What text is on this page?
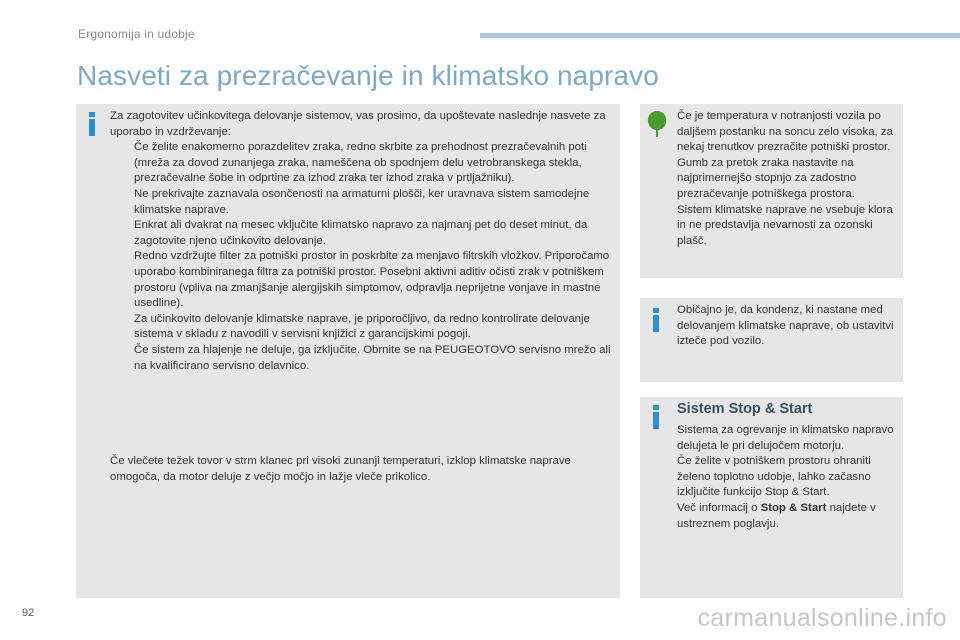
Ergonomija in udobje
Nasveti za prezračevanje in klimatsko napravo

Za zagotovitev učinkovitega delovanje sistemov, vas prosimo, da upoštevate naslednje nasvete za uporabo in vzdrževanje:

Če želite enakomerno porazdelitev zraka, redno skrbite za prehodnost prezračevalnih poti (mreža za dovod zunanjega zraka, nameščena ob spodnjem delu vetrobranskega stekla, prezračevalne šobe in odprtine za izhod zraka ter izhod zraka v prtljažniku).
Ne prekrivajte zaznavala osončenosti na armaturni plošči, ker uravnava sistem samodejne klimatske naprave.
Enkrat ali dvakrat na mesec vključite klimatsko napravo za najmanj pet do deset minut, da zagotovite njeno učinkovito delovanje.
Redno vzdržujte filter za potniški prostor in poskrbite za menjavo filtrskih vložkov. Priporočamo uporabo kombiniranega filtra za potniški prostor. Posebni aktivni aditiv očisti zrak v potniškem prostoru (vpliva na zmanjšanje alergijskih simptomov, odpravlja neprijetne vonjave in mastne usedline).
Za učinkovito delovanje klimatske naprave, je priporočljivo, da redno kontrolirate delovanje sistema v skladu z navodili v servisni knjižici z garancijskimi pogoji.
Če sistem za hlajenje ne deluje, ga izključite. Obrnite se na PEUGEOTOVO servisno mrežo ali na kvalificirano servisno delavnico.

Če vlečete težek tovor v strm klanec pri visoki zunanji temperaturi, izklop klimatske naprave omogoča, da motor deluje z večjo močjo in lažje vleče prikolico.

Če je temperatura v notranjosti vozila po daljšem postanku na soncu zelo visoka, za nekaj trenutkov prezračite potniški prostor.

Gumb za pretok zraka nastavite na najprimernejšo stopnjo za zadostno prezračevanje potniškega prostora.

Sistem klimatske naprave ne vsebuje klora in ne predstavlja nevarnosti za ozonski plašč.

Običajno je, da kondenz, ki nastane med delovanjem klimatske naprave, ob ustavitvi izteče pod vozilo.

Sistem Stop & Start

Sistema za ogrevanje in klimatsko napravo delujeta le pri delujočem motorju.

Če želite v potniškem prostoru ohraniti želeno toplotno udobje, lahko začasno izključite funkcijo Stop & Start.

Več informacij o Stop & Start najdete v ustreznem poglavju.

92	carmanualsonline.info
